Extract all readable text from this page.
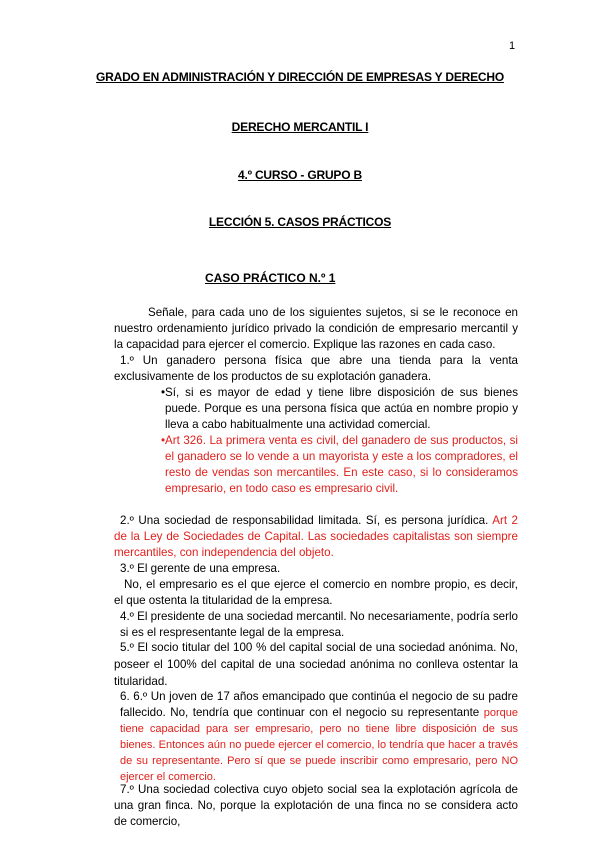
1
GRADO EN ADMINISTRACIÓN Y DIRECCIÓN DE EMPRESAS Y DERECHO
DERECHO MERCANTIL I
4.º CURSO - GRUPO B
LECCIÓN 5. CASOS PRÁCTICOS
CASO PRÁCTICO N.º 1

Señale, para cada uno de los siguientes sujetos, si se le reconoce en nuestro ordenamiento jurídico privado la condición de empresario mercantil y la capacidad para ejercer el comercio. Explique las razones en cada caso.

1.º Un ganadero persona física que abre una tienda para la venta exclusivamente de los productos de su explotación ganadera.

• Sí, si es mayor de edad y tiene libre disposición de sus bienes puede. Porque es una persona física que actúa en nombre propio y lleva a cabo habitualmente una actividad comercial.
• Art 326. La primera venta es civil, del ganadero de sus productos, si el ganadero se lo vende a un mayorista y este a los compradores, el resto de vendas son mercantiles. En este caso, si lo consideramos empresario, en todo caso es empresario civil.

2.º Una sociedad de responsabilidad limitada. Sí, es persona jurídica. Art 2 de la Ley de Sociedades de Capital. Las sociedades capitalistas son siempre mercantiles, con independencia del objeto.

3.º El gerente de una empresa.

No, el empresario es el que ejerce el comercio en nombre propio, es decir, el que ostenta la titularidad de la empresa.

4.º El presidente de una sociedad mercantil. No necesariamente, podría serlo si es el respresentante legal de la empresa.

5.º El socio titular del 100 % del capital social de una sociedad anónima. No, poseer el 100% del capital de una sociedad anónima no conlleva ostentar la titularidad.

6. 6.º Un joven de 17 años emancipado que continúa el negocio de su padre fallecido. No, tendría que continuar con el negocio su representante porque tiene capacidad para ser empresario, pero no tiene libre disposición de sus bienes. Entonces aún no puede ejercer el comercio, lo tendría que hacer a través de su representante. Pero sí que se puede inscribir como empresario, pero NO ejercer el comercio.

7.º Una sociedad colectiva cuyo objeto social sea la explotación agrícola de una gran finca. No, porque la explotación de una finca no se considera acto de comercio,
